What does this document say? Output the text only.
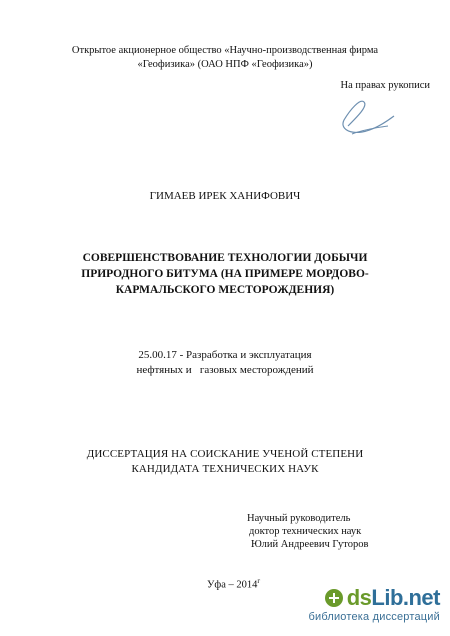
Открытое акционерное общество «Научно-производственная фирма
«Геофизика» (ОАО НПФ «Геофизика»)
На правах рукописи
ГИМАЕВ ИРЕК ХАНИФОВИЧ
СОВЕРШЕНСТВОВАНИЕ ТЕХНОЛОГИИ ДОБЫЧИ
ПРИРОДНОГО БИТУМА (НА ПРИМЕРЕ МОРДОВО-
КАРМАЛЬСКОГО МЕСТОРОЖДЕНИЯ)
25.00.17 - Разработка и эксплуатация
нефтяных и   газовых месторождений
ДИССЕРТАЦИЯ НА СОИСКАНИЕ УЧЕНОЙ СТЕПЕНИ
КАНДИДАТА ТЕХНИЧЕСКИХ НАУК
Научный руководитель
доктор технических наук
Юлий Андреевич Гуторов
Уфа – $2014^г$
dsLib.net
библиотека диссертаций
